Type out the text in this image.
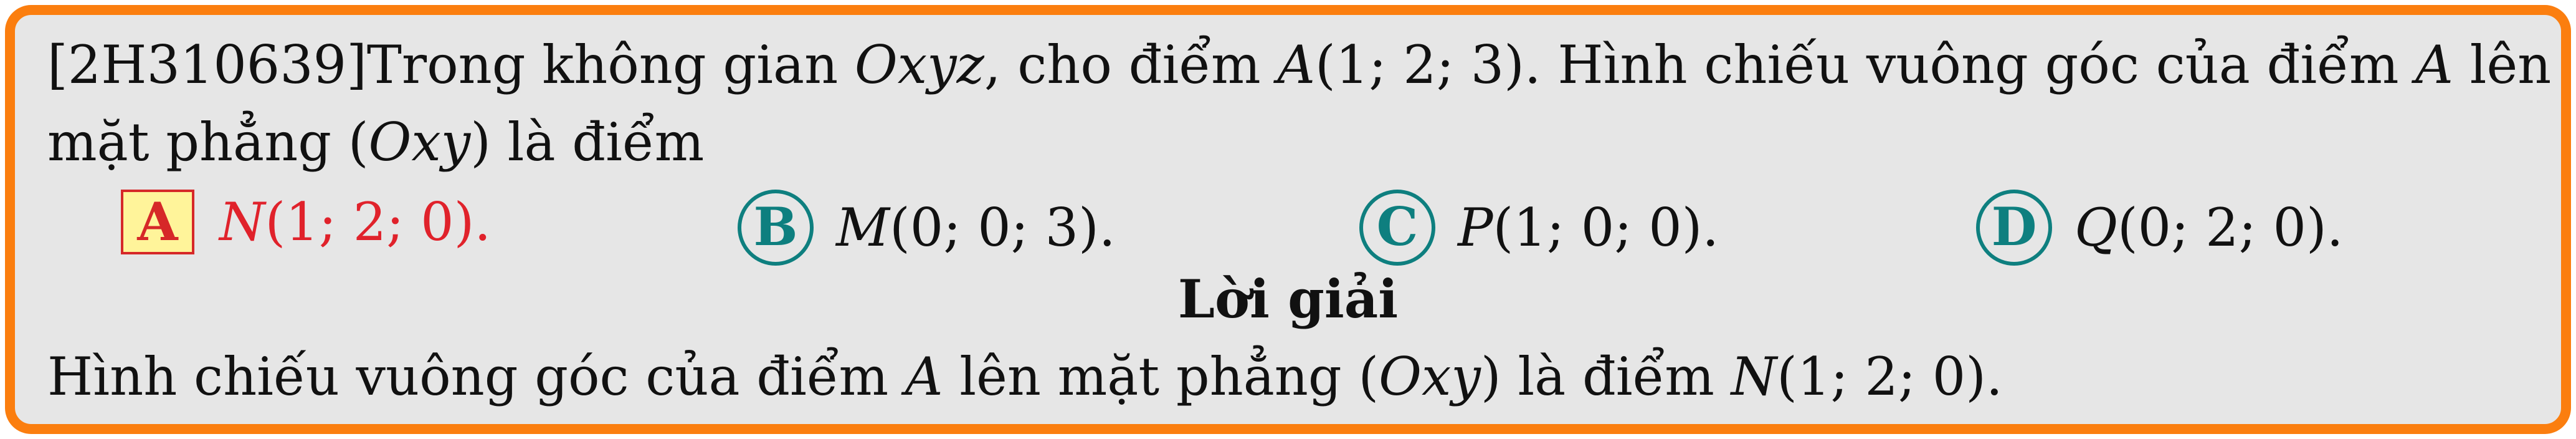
[2H310639]Trong không gian Oxyz, cho điểm A(1; 2; 3). Hình chiếu vuông góc của điểm A lên
mặt phẳng (Oxy) là điểm
A N(1; 2; 0).	B M(0; 0; 3).	C P(1; 0; 0).	D Q(0; 2; 0).
Lời giải
Hình chiếu vuông góc của điểm A lên mặt phẳng (Oxy) là điểm N(1; 2; 0).
